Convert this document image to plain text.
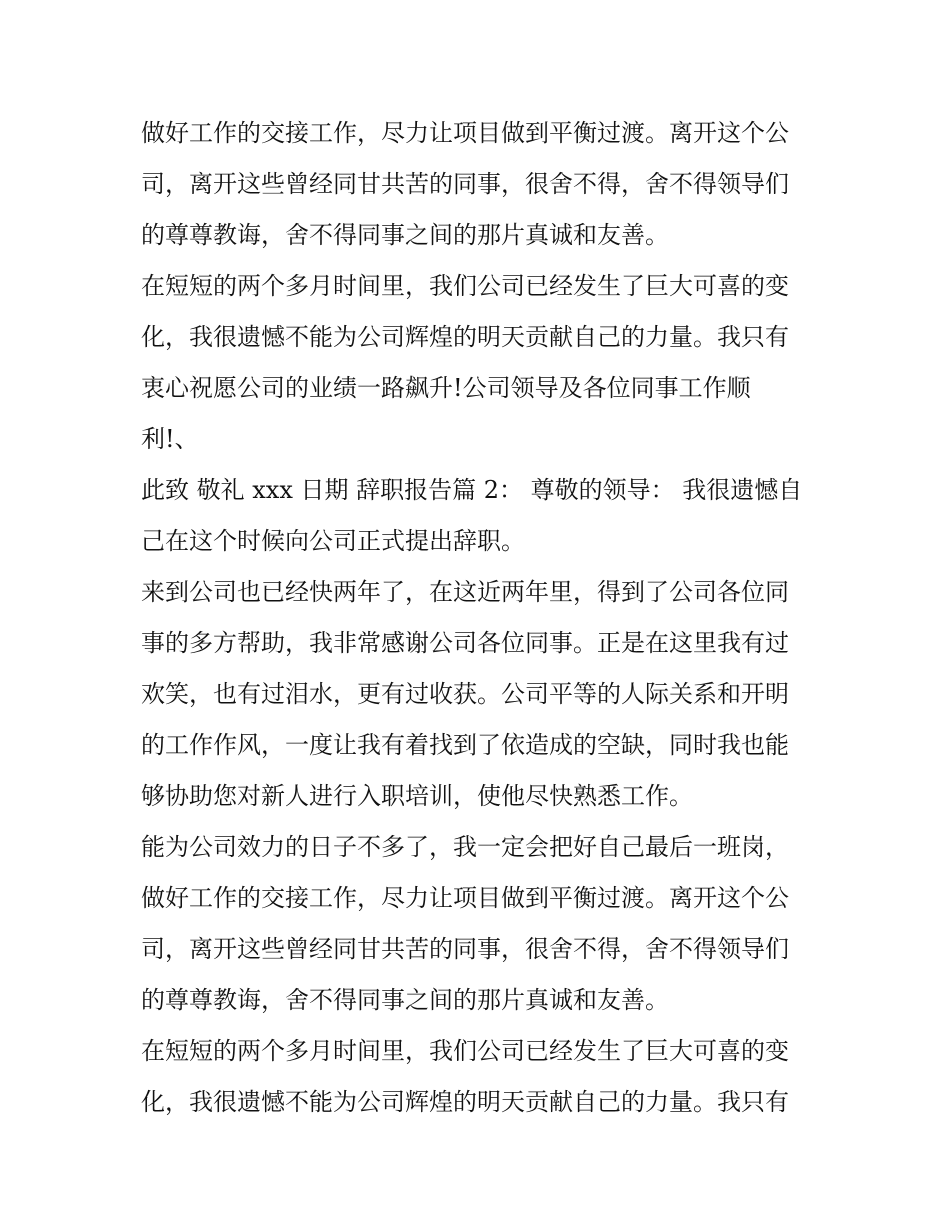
做好工作的交接工作，尽力让项目做到平衡过渡。离开这个公
司，离开这些曾经同甘共苦的同事，很舍不得，舍不得领导们
的尊尊教诲，舍不得同事之间的那片真诚和友善。
在短短的两个多月时间里，我们公司已经发生了巨大可喜的变
化，我很遗憾不能为公司辉煌的明天贡献自己的力量。我只有
衷心祝愿公司的业绩一路飙升!公司领导及各位同事工作顺
利!、
此致 敬礼 xxx 日期 辞职报告篇 2： 尊敬的领导： 我很遗憾自
己在这个时候向公司正式提出辞职。
来到公司也已经快两年了，在这近两年里，得到了公司各位同
事的多方帮助，我非常感谢公司各位同事。正是在这里我有过
欢笑，也有过泪水，更有过收获。公司平等的人际关系和开明
的工作作风，一度让我有着找到了依造成的空缺，同时我也能
够协助您对新人进行入职培训，使他尽快熟悉工作。
能为公司效力的日子不多了，我一定会把好自己最后一班岗，
做好工作的交接工作，尽力让项目做到平衡过渡。离开这个公
司，离开这些曾经同甘共苦的同事，很舍不得，舍不得领导们
的尊尊教诲，舍不得同事之间的那片真诚和友善。
在短短的两个多月时间里，我们公司已经发生了巨大可喜的变
化，我很遗憾不能为公司辉煌的明天贡献自己的力量。我只有
